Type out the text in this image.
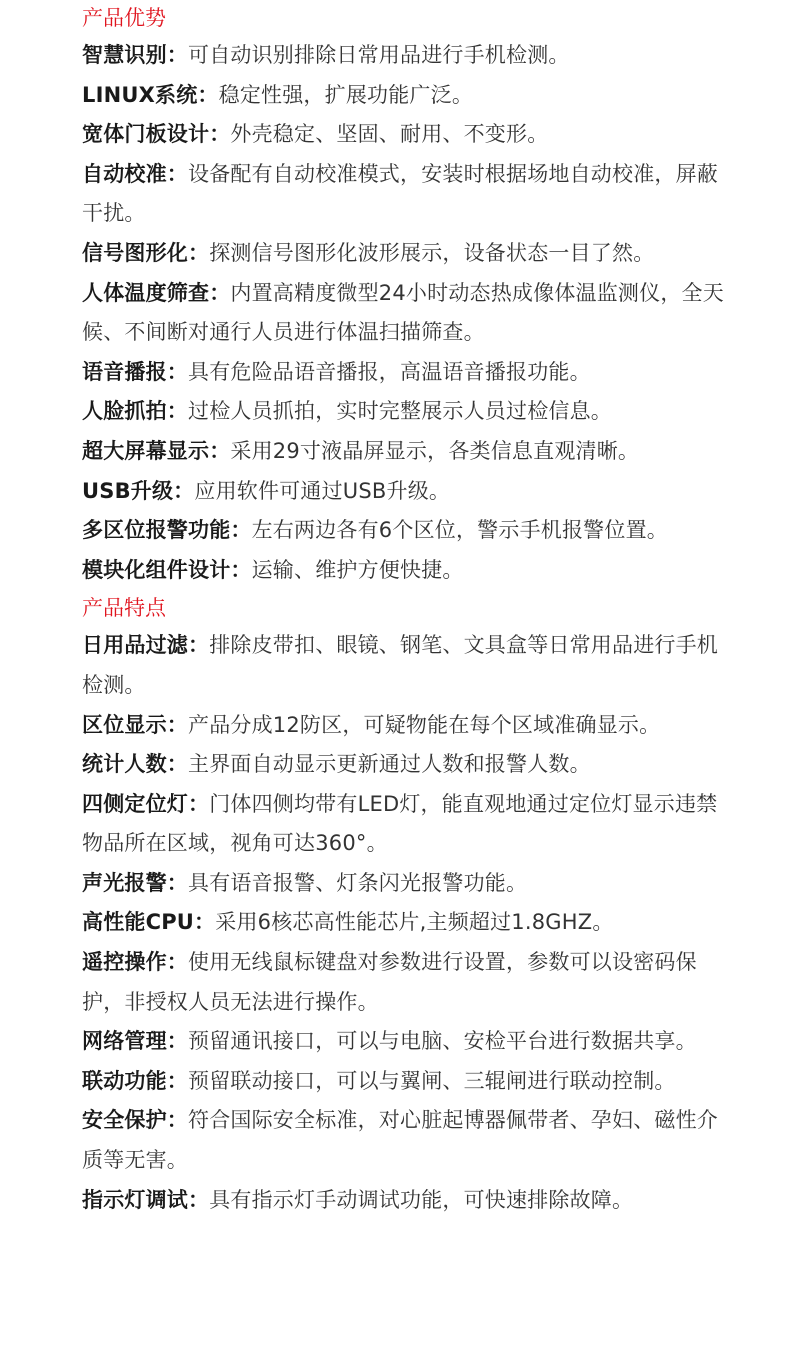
产品优势

智慧识别：可自动识别排除日常用品进行手机检测。

LINUX系统：稳定性强，扩展功能广泛。

宽体门板设计：外壳稳定、坚固、耐用、不变形。

自动校准：设备配有自动校准模式，安装时根据场地自动校准，屏蔽干扰。

信号图形化：探测信号图形化波形展示，设备状态一目了然。

人体温度筛查：内置高精度微型24小时动态热成像体温监测仪，全天候、不间断对通行人员进行体温扫描筛查。

语音播报：具有危险品语音播报，高温语音播报功能。

人脸抓拍：过检人员抓拍，实时完整展示人员过检信息。

超大屏幕显示：采用29寸液晶屏显示，各类信息直观清晰。

USB升级：应用软件可通过USB升级。

多区位报警功能：左右两边各有6个区位，警示手机报警位置。

模块化组件设计：运输、维护方便快捷。

产品特点

日用品过滤：排除皮带扣、眼镜、钢笔、文具盒等日常用品进行手机检测。

区位显示：产品分成12防区，可疑物能在每个区域准确显示。

统计人数：主界面自动显示更新通过人数和报警人数。

四侧定位灯：门体四侧均带有LED灯，能直观地通过定位灯显示违禁物品所在区域，视角可达360°。

声光报警：具有语音报警、灯条闪光报警功能。

高性能CPU：采用6核芯高性能芯片,主频超过1.8GHZ。

遥控操作：使用无线鼠标键盘对参数进行设置，参数可以设密码保护，非授权人员无法进行操作。

网络管理：预留通讯接口，可以与电脑、安检平台进行数据共享。

联动功能：预留联动接口，可以与翼闸、三辊闸进行联动控制。

安全保护：符合国际安全标准，对心脏起博器佩带者、孕妇、磁性介质等无害。

指示灯调试：具有指示灯手动调试功能，可快速排除故障。
